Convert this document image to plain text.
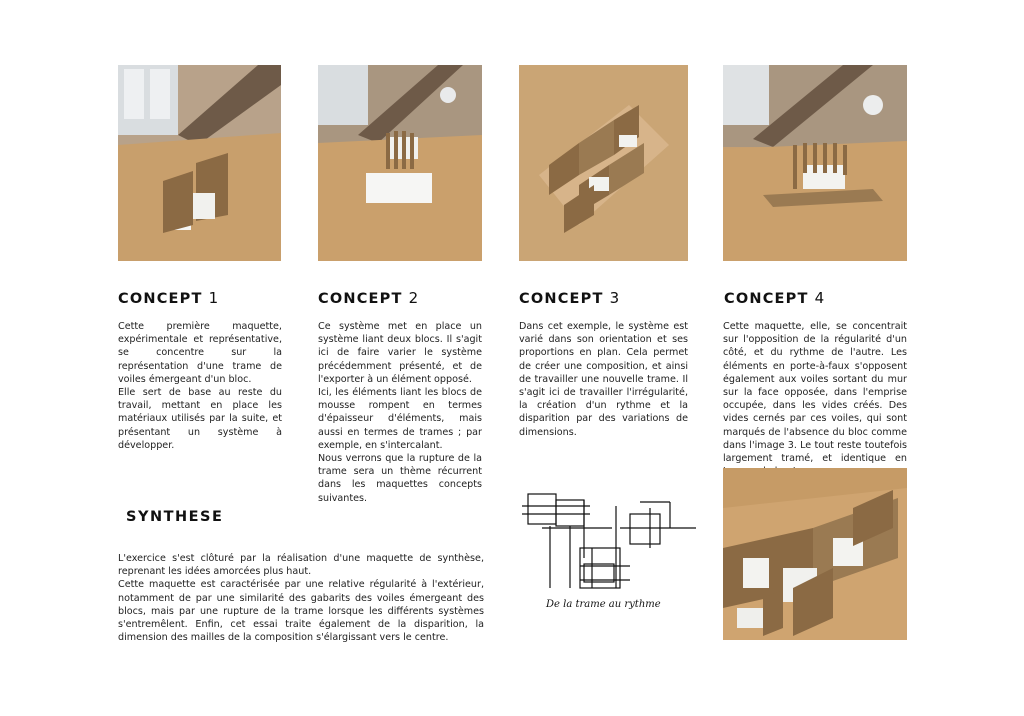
CONCEPT 1	CONCEPT 2	CONCEPT 3	CONCEPT 4

Cette première maquette, expérimentale et représentative, se concentre sur la représentation d'une trame de voiles émergeant d'un bloc.

Elle sert de base au reste du travail, mettant en place les matériaux utilisés par la suite, et présentant un système à développer.

Ce système met en place un système liant deux blocs. Il s'agit ici de faire varier le système précédemment présenté, et de l'exporter à un élément opposé.

Ici, les éléments liant les blocs de mousse rompent en termes d'épaisseur d'éléments, mais aussi en termes de trames ; par exemple, en s'intercalant.

Nous verrons que la rupture de la trame sera un thème récurrent dans les maquettes concepts suivantes.

Dans cet exemple, le système est varié dans son orientation et ses proportions en plan. Cela permet de créer une composition, et ainsi de travailler une nouvelle trame. Il s'agit ici de travailler l'irrégularité, la création d'un rythme et la disparition par des variations de dimensions.

Cette maquette, elle, se concentrait sur l'opposition de la régularité d'un côté, et du rythme de l'autre. Les éléments en porte-à-faux s'opposent également aux voiles sortant du mur sur la face opposée, dans l'emprise occupée, dans les vides créés. Des vides cernés par ces voiles, qui sont marqués de l'absence du bloc comme dans l'image 3. Le tout reste toutefois largement tramé, et identique en

SYNTHESE

L'exercice s'est clôturé par la réalisation d'une maquette de synthèse, reprenant les idées amorcées plus haut.

Cette maquette est caractérisée par une relative régularité à l'extérieur, notamment de par une similarité des gabarits des voiles émergeant des blocs, mais par une rupture de la trame lorsque les différents systèmes s'entremêlent. Enfin, cet essai traite également de la disparition, la dimension des mailles de la composition s'élargissant vers le centre.

De la trame au rythme
